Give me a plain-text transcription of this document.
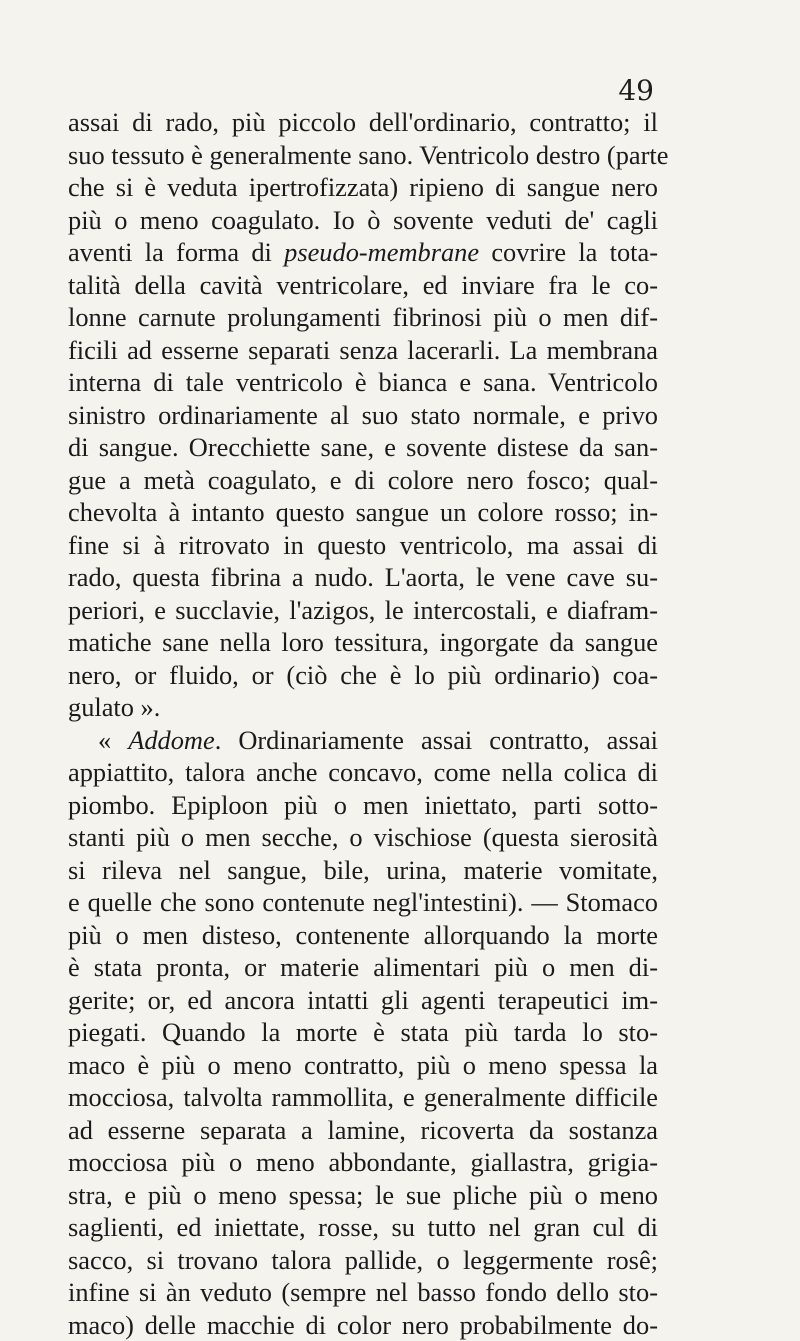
49
assai di rado, più piccolo dell'ordinario, contratto; il
suo tessuto è generalmente sano. Ventricolo destro (parte
che si è veduta ipertrofizzata) ripieno di sangue nero
più o meno coagulato. Io ò sovente veduti de' cagli
aventi la forma di pseudo-membrane covrire la tota-
talità della cavità ventricolare, ed inviare fra le co-
lonne carnute prolungamenti fibrinosi più o men dif-
ficili ad esserne separati senza lacerarli. La membrana
interna di tale ventricolo è bianca e sana. Ventricolo
sinistro ordinariamente al suo stato normale, e privo
di sangue. Orecchiette sane, e sovente distese da san-
gue a metà coagulato, e di colore nero fosco; qual-
chevolta à intanto questo sangue un colore rosso; in-
fine si à ritrovato in questo ventricolo, ma assai di
rado, questa fibrina a nudo. L'aorta, le vene cave su-
periori, e succlavie, l'azigos, le intercostali, e diafram-
matiche sane nella loro tessitura, ingorgate da sangue
nero, or fluido, or (ciò che è lo più ordinario) coa-
gulato ».
« Addome. Ordinariamente assai contratto, assai
appiattito, talora anche concavo, come nella colica di
piombo. Epiploon più o men iniettato, parti sotto-
stanti più o men secche, o vischiose (questa sierosità
si rileva nel sangue, bile, urina, materie vomitate,
e quelle che sono contenute negl'intestini). — Stomaco
più o men disteso, contenente allorquando la morte
è stata pronta, or materie alimentari più o men di-
gerite; or, ed ancora intatti gli agenti terapeutici im-
piegati. Quando la morte è stata più tarda lo sto-
maco è più o meno contratto, più o meno spessa la
mocciosa, talvolta rammollita, e generalmente difficile
ad esserne separata a lamine, ricoverta da sostanza
mocciosa più o meno abbondante, giallastra, grigia-
stra, e più o meno spessa; le sue pliche più o meno
saglienti, ed iniettate, rosse, su tutto nel gran cul di
sacco, si trovano talora pallide, o leggermente rosê;
infine si àn veduto (sempre nel basso fondo dello sto-
maco) delle macchie di color nero probabilmente do-
